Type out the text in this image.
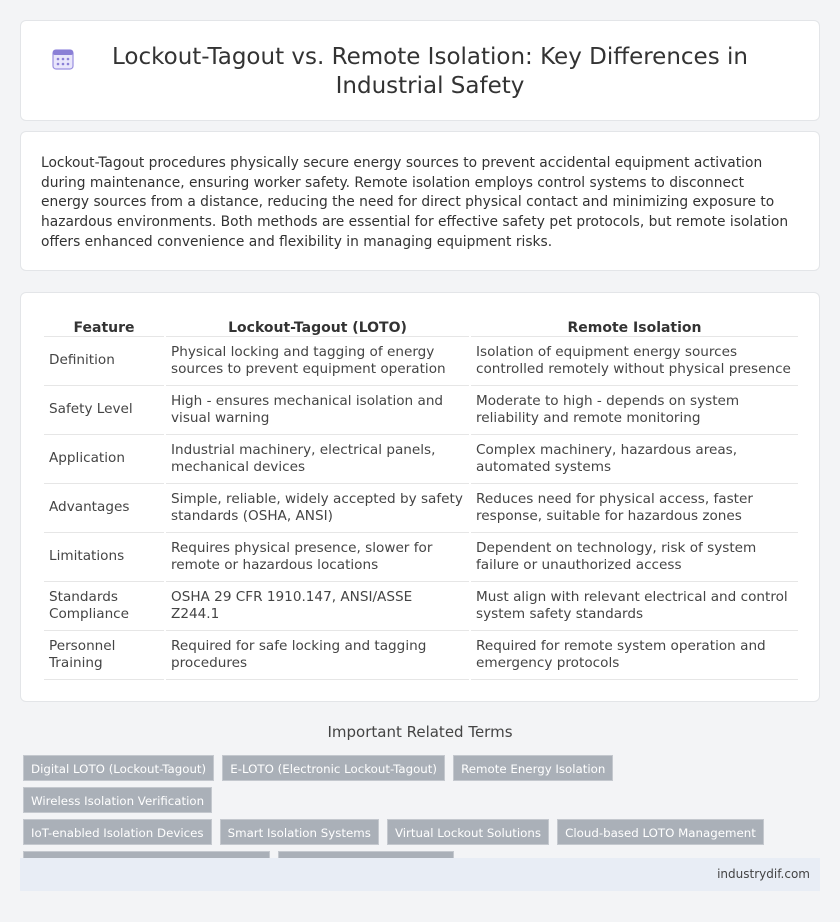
Lockout-Tagout vs. Remote Isolation: Key Differences in Industrial Safety

Lockout-Tagout procedures physically secure energy sources to prevent accidental equipment activation during maintenance, ensuring worker safety. Remote isolation employs control systems to disconnect energy sources from a distance, reducing the need for direct physical contact and minimizing exposure to hazardous environments. Both methods are essential for effective safety pet protocols, but remote isolation offers enhanced convenience and flexibility in managing equipment risks.

Feature	Lockout-Tagout (LOTO)	Remote Isolation
Definition	Physical locking and tagging of energy sources to prevent equipment operation	Isolation of equipment energy sources controlled remotely without physical presence
Safety Level	High - ensures mechanical isolation and visual warning	Moderate to high - depends on system reliability and remote monitoring
Application	Industrial machinery, electrical panels, mechanical devices	Complex machinery, hazardous areas, automated systems
Advantages	Simple, reliable, widely accepted by safety standards (OSHA, ANSI)	Reduces need for physical access, faster response, suitable for hazardous zones
Limitations	Requires physical presence, slower for remote or hazardous locations	Dependent on technology, risk of system failure or unauthorized access
Standards Compliance	OSHA 29 CFR 1910.147, ANSI/ASSE Z244.1	Must align with relevant electrical and control system safety standards
Personnel Training	Required for safe locking and tagging procedures	Required for remote system operation and emergency protocols
Important Related Terms
Digital LOTO (Lockout-Tagout) E-LOTO (Electronic Lockout-Tagout) Remote Energy Isolation Wireless Isolation Verification
IoT-enabled Isolation Devices Smart Isolation Systems Virtual Lockout Solutions Cloud-based LOTO Management

industrydif.com
